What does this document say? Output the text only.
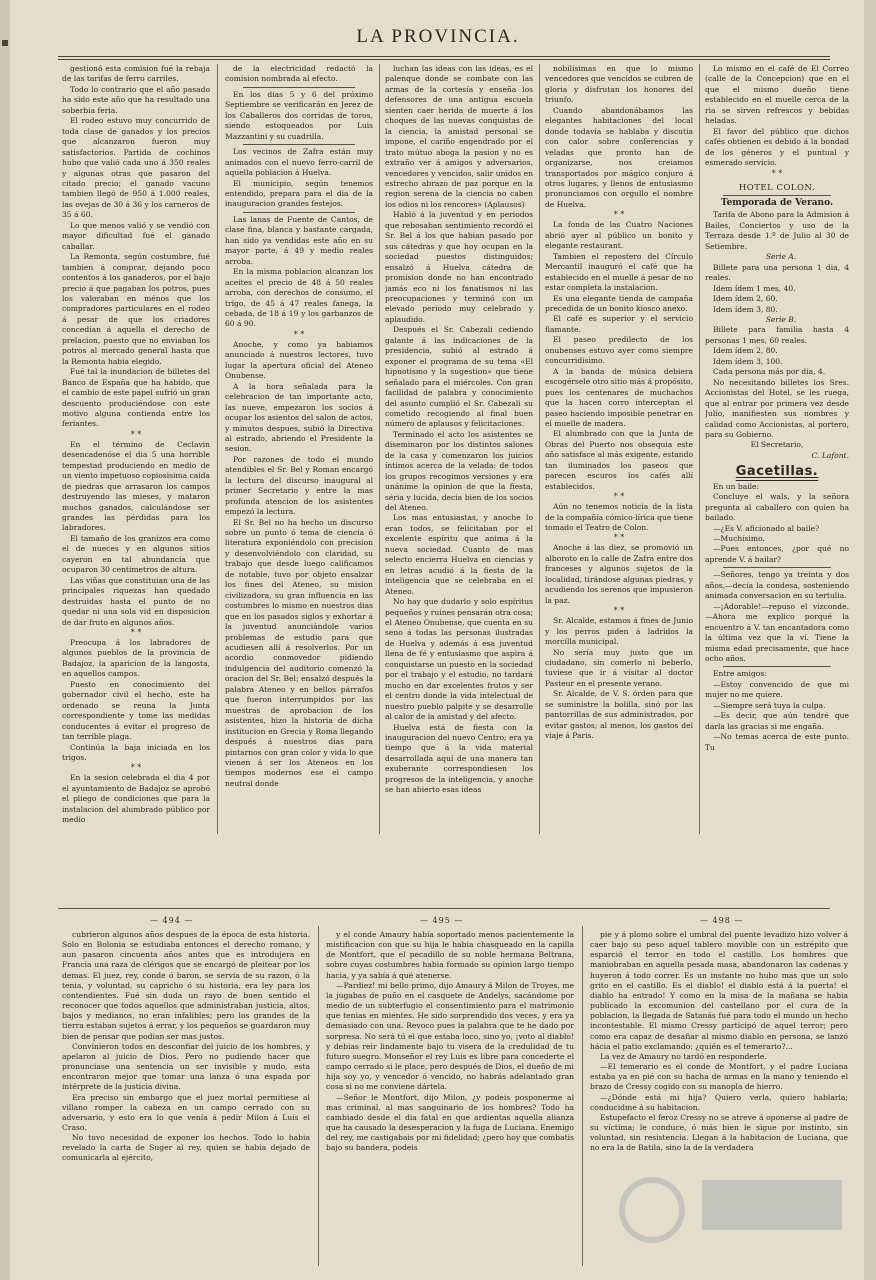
LA PROVINCIA.

gestionó esta comision fué la rebaja de las tarifas de ferro carriles.

Todo lo contrario que el año pasado ha sido este año que ha resultado una soberbia feria.

El rodeo estuvo muy concurrido de toda clase de ganados y los precios que alcanzaron fueron muy satisfactorios. Partida de cochinos hubo que valió cada uno á 350 reales y algunas otras que pasaron del citado precio; el ganado vacuno tambien llegó de 950 á 1.000 reales, las ovejas de 30 á 36 y los carneros de 35 á 60.

Lo que menos valió y se vendió con mayor dificultad fué el ganado caballar.

La Remonta, según costumbre, fué tambien á comprar, dejando poco contentos á los ganaderos, por el bajo precio á que pagaban los potros, pues los valoraban en ménos que los compradores particulares en el rodeo á pesar de que los criadores concedían á aquella el derecho de prelacion, puesto que no enviaban los potros al mercado general hasta que la Remonta habia elegido.

Fué tal la inundacion de billetes del Banco de España que ha habido, que el cambio de este papel sufrió un gran descuento produciéndose con este motivo alguna contienda entre los feriantes.

* *

En el término de Ceclavin desencadenóse el dia 5 una horrible tempestad produciendo en medio de un viento impetuoso copiosisima caida de piedras que arrasaron los campos destruyendo las mieses, y mataron muchos ganados, calculándose ser grandes las pérdidas para los labradores.

El tamaño de los granizos era como el de nueces y en algunos sitios cayeron en tal abundancia que ocuparon 30 centímetros de altura.

Las viñas que constituian una de las principales riquezas han quedado destruidas hasta el punto de no quedar ni una sola vid en disposicion de dar fruto en algunos años.

* *

Preocupa á los labradores de algunos pueblos de la provincia de Badajoz, la aparicion de la langosta, en aquellos campos.

Puesto en conocimiento del gobernador civil el hecho, este ha ordenado se reuna la Junta correspondiente y tome las medidas conducentes á evitar el progreso de tan terrible plaga.

Continúa la baja iniciada en los trigos.

* *

En la sesion celebrada el dia 4 por el ayuntamiento de Badajoz se aprobó el pliego de condiciones que para la instalacion del alumbrado público por medio

de la electricidad redactó la comision nombrada al efecto.

En los dias 5 y 6 del próximo Septiembre se verificarán en Jerez de los Caballeros dos corridas de toros, siendo estoqueados por Luis Mazzantini y su cuadrilla.

Los vecinos de Zafra están muy animados con el nuevo ferro-carril de aquella poblacion á Huelva.

El municipio, según tenemos entendido, prepara para el dia de la inauguracion grandes festejos.

Las lanas de Fuente de Cantos, de clase fina, blanca y bastante cargada, han sido ya vendidas este año en su mayor parte, á 49 y medio reales arroba.

En la misma poblacion alcanzan los aceites el precio de 48 á 50 reales arroba, con derechos de consumo, el trigo, de 45 á 47 reales fanega, la cebada, de 18 á 19 y los garbanzos de 60 á 90.

* *

Anoche, y como ya habiamos anunciado á nuestros lectores, tuvo lugar la apertura oficial del Ateneo Onubense.

A la hora señalada para la celebracion de tan importante acto, las nueve, empezaron los socios á ocupar los asientos del salon de actos, y minutos despues, subió la Directiva al estrado, abriendo el Presidente la sesion.

Por razones de todo el mundo atendibles el Sr. Bel y Roman encargó la lectura del discurso inaugural al primer Secretario y entre la mas profunda atencion de los asistentes empezó la lectura.

El Sr. Bel no ha hecho un discurso sobre un punto ó tema de ciencia ó literatura exponiéndolo con precision y desenvolviéndolo con claridad, su trabajo que desde luego calificamos de notable, tuvo por objeto ensalzar los fines del Ateneo, su mision civilizadora, su gran influencia en las costumbres lo mismo en nuestros dias que en los pasados siglos y exhortar á la juventud anunciándole varios problemas de estudio para que acudiesen allí á resolverlos. Por un acordio conmovedor pidiendo indulgencia del auditorio comenzó la oracion del Sr. Bel; ensalzó después la palabra Ateneo y en bellos párrafos que fueron interrumpidos por las muestras de aprobacion de los asistentes, hizo la historia de dicha institucion en Grecia y Roma llegando después á nuestros dias para pintarnos con gran color y vida lo que vienen á ser los Ateneos en los tiempos modernos ese el campo neutral donde

luchan las ideas con las ideas, es el palenque donde se combate con las armas de la cortesía y enseña los defensores de una antigua escuela sienten caer herida de muerte á los choques de las nuevas conquistas de la ciencia, la amistad personal se impone, el cariño engendrado por el trato mútuo aboga la pasion y no es extraño ver á amigos y adversarios, vencedores y vencidos, salir unidos en estrecho abrazo de paz porque en la region serena de la ciencia no caben los odios ni los rencores» (Aplausos)

Habló á la juventud y en periodos que rebosaban sentimiento recordó el Sr. Bel á los que habian pasado por sus cátedras y que hoy ocupan en la sociedad puestos distinguidos; ensalzó á Huelva cátedra de promision donde no han encontrado jamás eco ni los fanatismos ni las preocupaciones y terminó con un elevado periodo muy celebrado y aplaudido.

Después el Sr. Cabezali cediendo galante á las indicaciones de la presidencia, subió al estrado á exponer el programa de su tema «El hipnotismo y la sugestion» que tiene señalado para el miércoles. Con gran facilidad de palabra y conocimiento del asunto cumplió el Sr. Cabezali su cometido recogiendo al final buen número de aplausos y felicitaciones.

Terminado el acto los asistentes se diseminaron por los distintos salones de la casa y comenzaron los juicios íntimos acerca de la velada: de todos los grupos recogimos versiones y era unánime la opinion de que la fiesta, séria y lucida, decia bien de los socios del Ateneo.

Los mas entusiastas, y anoche lo eran todos, se felicitaban por el excelente espíritu que anima á la nueva sociedad. Cuanto de mas selecto encierra Huelva en ciencias y en letras acudió á la fiesta de la inteligencia que se celebraba en el Ateneo.

No hay que dudarlo y solo espíritus pequeños y ruines pensarán otra cosa; el Ateneo Onubense, que cuenta en su seno á todas las personas ilustradas de Huelva y además á esa juventud llena de fé y entusiasmo que aspira á conquistarse un puesto en la sociedad por el trabajo y el estudio, no tardará mucho en dar excelentes frutos y ser el centro donde la vida intelectual de nuestro pueblo palpite y se desarrolle al calor de la amistad y del afecto.

Huelva está de fiesta con la inauguracion del nuevo Centro; era ya tiempo que á la vida material desarrollada aquí de una manera tan exuberante correspondiesen los progresos de la inteligencia, y anoche se han abierto esas ideas

nobilísimas en que lo mismo vencedores que vencidos se cubren de gloria y disfrutan los honores del triunfo.

Cuando abandonábamos las elegantes habitaciones del local donde todavía se hablaba y discutia con calor sobre conferencias y veladas que pronto han de organizarse, nos creiamos transportados por mágico conjuro á otros lugares, y llenos de entusiasmo pronunciamos con orgullo el nombre de Huelva.

* *

La fonda de las Cuatro Naciones abrió ayer al público un bonito y elegante restaurant.

Tambien el repostero del Círculo Mercantil inauguró el café que ha establecido en el muelle á pesar de no estar completa la instalacion.

Es una elegante tienda de campaña precedida de un bonito kiosco anexo.

El café es superior y el servicio flamante.

El paseo predilecto de los onubenses estuvo ayer como siempre concurridísimo.

A la banda de música debiera escogérsele otro sitio más á propósito, pues los centenares de muchachos que la hacen corro interceptan el paseo haciendo imposible penetrar en el muelle de madera.

El alumbrado con que la Junta de Obras del Puerto nos obsequia este año satisface al más exigente, estando tan iluminados los paseos que parecen escuros los cafés allí establecidos.

* *

Aún no tenemos noticia de la lista de la compañía cómico-lírica que tiene tomado el Teatro de Colon.

* *

Anoche á las diez, se promovió un alboroto en la calle de Zafra entre dos franceses y algunos sujetos de la localidad, tirándose algunas piedras, y acudiendo los serenos que impusieron la paz.

* *

Sr. Alcalde, estamos á fines de Junio y los perros piden á ladridos la morcilla municipal.

No sería muy justo que un ciudadano, sin comerlo ni beberlo, tuviese que ir á visitar al doctor Pasteur en el presente verano.

Sr. Alcalde, de V. S. órden para que se suministre la bolilla, sinó por las pantorrillas de sus administrados, por evitar gastos; al menos, los gastos del viaje á Paris.

Lo mismo en el café de El Correo (calle de la Concepcion) que en el que el mismo dueño tiene establecido en el muelle cerca de la ria se sirven refrescos y bebidas heladas.

El favor del público que dichos cafés obtienen es debido á la bondad de los géneros y el puntual y esmerado servicio.

* *
HOTEL COLON.
Temporada de Verano.

Tarifa de Abono para la Admision á Bailes, Conciertos y uso de la Terraza desde 1.º de Julio al 30 de Setiembre.

Serie A.

Billete para una persona 1 dia, 4 reales.

Idem ídem 1 mes, 40.

Idem ídem 2, 60.

Idem ídem 3, 80.

Serie B.

Billete para familia hasta 4 personas 1 mes, 60 reales.

Idem ídem 2, 80.

Idem ídem 3, 100.

Cada persona más por dia, 4.

No necesitando billetes los Sres. Accionistas del Hotel, se les ruega, que al entrar por primera vez desde Julio, manifiesten sus nombres y calidad como Accionistas, al portero, para su Gobierno.

El Secretario,

C. Lafont.

Gacetillas.

En un baile:

Concluye el wals, y la señora pregunta al caballero con quien ha bailado.

—¿Es V. aficionado al baile?

—Muchísimo.

—Pues entonces, ¿por qué no aprende V. á bailar?

—Señores, tengo ya treinta y dos años,—decía la condesa, sosteniendo animada conversacion en su tertulia.

—¡Adorable!—repuso el vizconde.—Ahora me explico porqué la encuentro á V. tan encantadora como la última vez que la ví. Tiene la misma edad precisamente, que hace ocho años.

Entre amigos:

—Estoy convencido de que mi mujer no me quiere.

—Siempre será tuya la culpa.

—Es decir, que aún tendré que darla las gracias si me engaña.

—No temas acerca de este punto. Tu

— 494 —	— 495 —	— 498 —

cubrieron algunos años despues de la época de esta historia. Solo en Bolonia se estudiaba entonces el derecho romano, y aun pasaron cincuenta años antes que es introdujera en Francia una raza de clérigos que se encargó de pleitear por los demas. El juez, rey, conde ó baron, se servia de su razon, ó la tenia, y voluntad, su capricho ó su historia, era ley para los contendientes. Fué sin duda un rayo de buen sentido el reconocer que todos aquellos que administraban justicia, altos, bajos y medianos, no eran infalibles; pero los grandes de la tierra estaban sujetos á errar, y los pequeños se guardaron muy bien de pensar que podian ser mas justos.

Convinieron todos en desconfiar del juicio de los hombres, y apelaron al juicio de Dios. Pero no pudiendo hacer que pronunciase una sentencia un ser invisible y mudo, esta encontraron mejor que tomar una lanza ó una espada por intérprete de la justicia divina.

Era preciso sin embargo que el juez mortal permitiese al villano romper la cabeza en un campo cerrado con su adversario, y esto era lo que venía á pedir Milon á Luis el Craso.

No tuvo necesidad de exponer los hechos. Todo lo habia revelado la carta de Suger al rey, quien se habia dejado de comunicarla al ejército,

y el conde Amaury había soportado menos pacientemente la mistificacion con que su hija le habia chasqueado en la capilla de Montfort, que el pecadillo de su noble hermana Beltrana, sobre cuyas costumbres habia formado su opinion largo tiempo hacia, y ya sabía á qué atenerse.

—Pardiez! mi bello primo, dijo Amaury á Milon de Troyes, me la jugabas de puño en el casquete de Andelys, sacándome por medio de un subterfugio el consentimiento para el matrimonio que tenias en mientes. He sido sorprendido dos veces, y era ya demasiado con una. Revoco pues la palabra que te he dado por sorpresa. No será tú el que estaba loco, sino yo, ¡voto al diablo! y debias reir lindamente bajo tu visera de la credulidad de tu futuro suegro. Monseñor el rey Luis es libre para concederte el campo cerrado si le place, pero después de Dios, el dueño de mi hija soy yo, y vencedor ó vencido, no habrás adelantado gran cosa si no me conviene dártela.

—Señor le Montfort, dijo Milon, ¿y podeis posponerme al mas criminal, al mas sanguinario de los hombres? Todo ha cambiado desde el dia fatal en que ardientas aquella alianza que ha causado la desesperacion y la fuga de Luciana. Enemigo del rey, me castigabais por mi fidelidad; ¿pero hoy que combatis bajo su bandera, podeis

pie y á plomo sobre el umbral del puente levadizo hizo volver á caer bajo su peso aquel tablero movible con un estrépito que esparció el terror en todo el castillo. Los hombres que maniobraban en aquella pesada masa, abandonaron las cadenas y huyeron á todo correr. Es un instante no hubo mas que un solo grito en el castillo. Es el diablo! el diablo está á la puerta! el diablo ha entrado! Y como en la misa de la mañana se habia publicado la excomunion del castellano por el cura de la poblacion, la llegada de Satanás fué para todo el mundo un hecho incontestable. El mismo Cressy participó de aquel terror; pero como era capaz de desafiar al mismo diablo en persona, se lanzó hácia el patio exclamando: ¿quién es el temerario?...

La vez de Amaury no tardó en responderle.

—El temerario es el conde de Montfort, y el padre Luciana estaba ya en pié con su hacha de armas en la mano y teniendo el brazo de Cressy cogido con su manopla de hierro.

—¿Dónde está mi hija? Quiero verla, quiero hablarla; conducidme á su habitacion.

Estupefacto el feroz Cressy no se atreve á oponerse al padre de su víctima; le conduce, ó más bien le sigue por instinto, sin voluntad, sin resistencia. Llegan á la habitacion de Luciana, que no era la de Batila, sino la de la verdadera
